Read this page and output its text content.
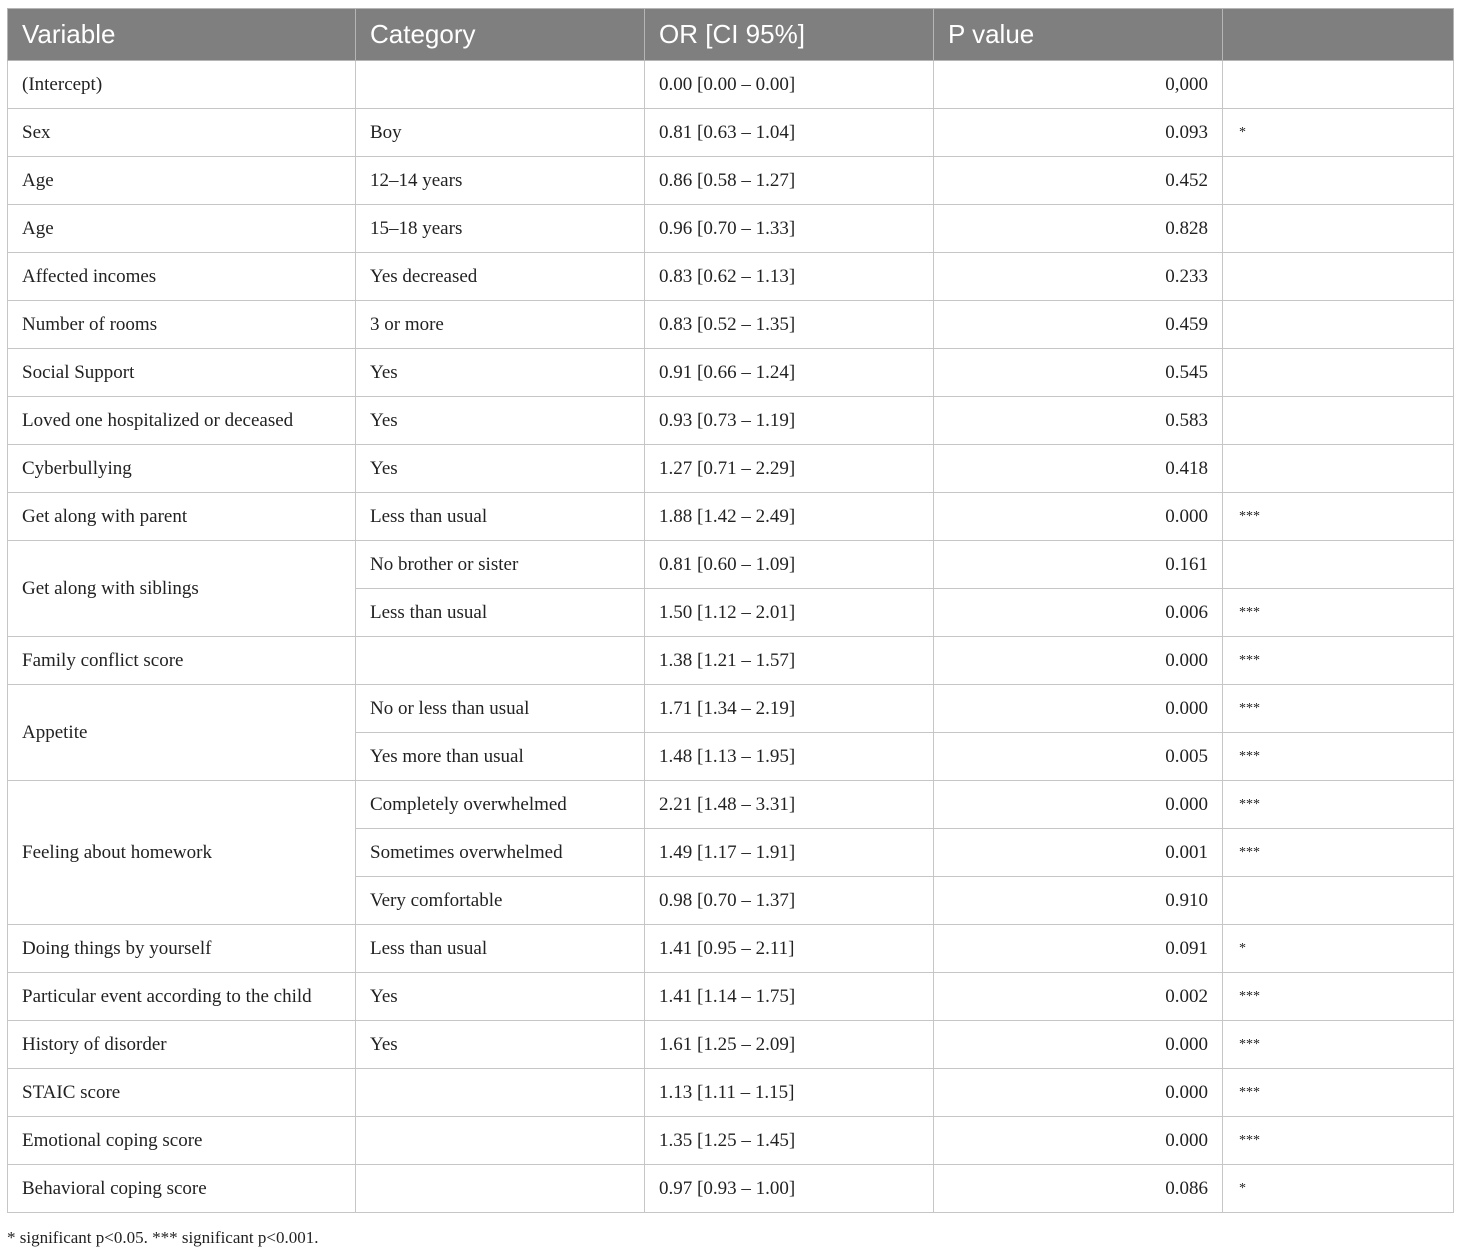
Variable	Category	OR [CI 95%]	P value	
(Intercept)		0.00 [0.00 – 0.00]	0,000	
Sex	Boy	0.81 [0.63 – 1.04]	0.093	*
Age	12–14 years	0.86 [0.58 – 1.27]	0.452	
Age	15–18 years	0.96 [0.70 – 1.33]	0.828	
Affected incomes	Yes decreased	0.83 [0.62 – 1.13]	0.233	
Number of rooms	3 or more	0.83 [0.52 – 1.35]	0.459	
Social Support	Yes	0.91 [0.66 – 1.24]	0.545	
Loved one hospitalized or deceased	Yes	0.93 [0.73 – 1.19]	0.583	
Cyberbullying	Yes	1.27 [0.71 – 2.29]	0.418	
Get along with parent	Less than usual	1.88 [1.42 – 2.49]	0.000	***
Get along with siblings	No brother or sister	0.81 [0.60 – 1.09]	0.161	
	Less than usual	1.50 [1.12 – 2.01]	0.006	***
Family conflict score		1.38 [1.21 – 1.57]	0.000	***
Appetite	No or less than usual	1.71 [1.34 – 2.19]	0.000	***
	Yes more than usual	1.48 [1.13 – 1.95]	0.005	***
Feeling about homework	Completely overwhelmed	2.21 [1.48 – 3.31]	0.000	***
	Sometimes overwhelmed	1.49 [1.17 – 1.91]	0.001	***
	Very comfortable	0.98 [0.70 – 1.37]	0.910	
Doing things by yourself	Less than usual	1.41 [0.95 – 2.11]	0.091	*
Particular event according to the child	Yes	1.41 [1.14 – 1.75]	0.002	***
History of disorder	Yes	1.61 [1.25 – 2.09]	0.000	***
STAIC score		1.13 [1.11 – 1.15]	0.000	***
Emotional coping score		1.35 [1.25 – 1.45]	0.000	***
Behavioral coping score		0.97 [0.93 – 1.00]	0.086	*
* significant p<0.05. *** significant p<0.001.
